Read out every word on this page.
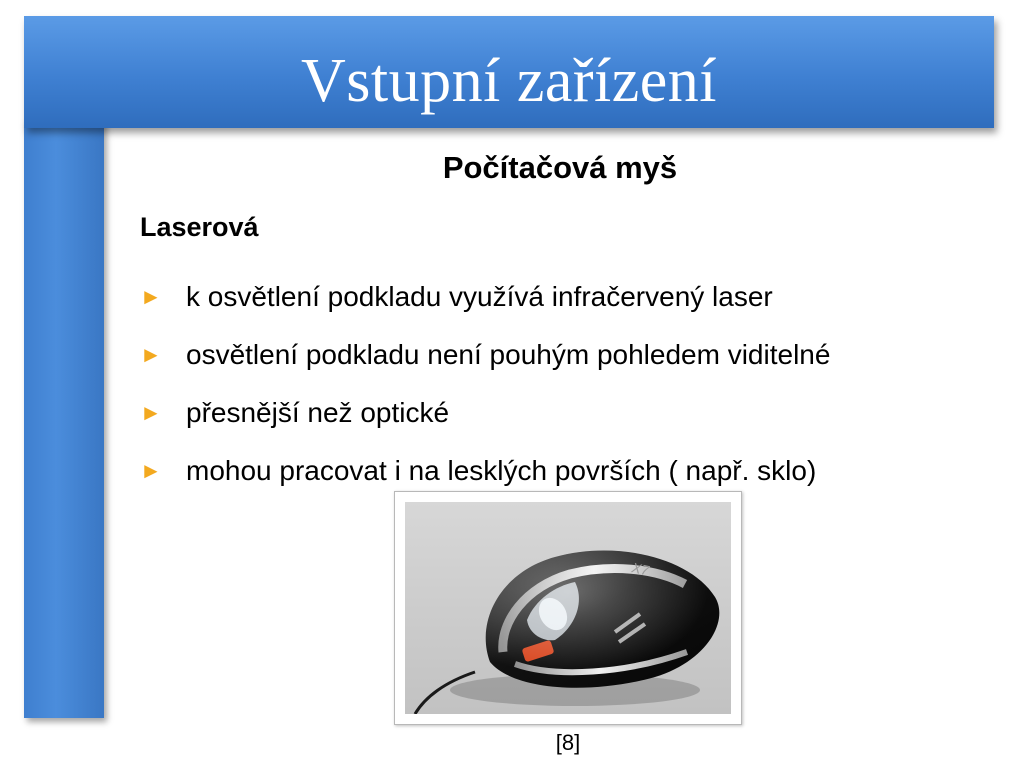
Vstupní zařízení
Počítačová myš
Laserová
► k osvětlení podkladu využívá infračervený laser
► osvětlení podkladu není pouhým pohledem viditelné
► přesnější než optické
► mohou pracovat i na lesklých površích ( např. sklo)
X7
[8]
